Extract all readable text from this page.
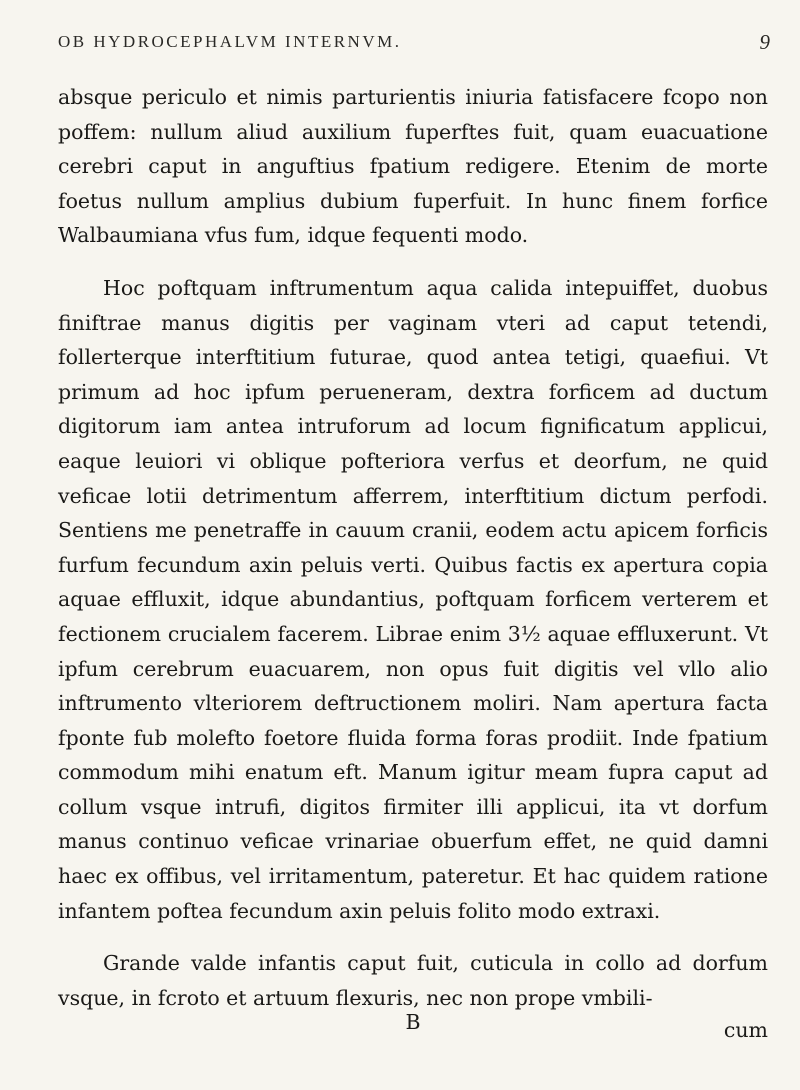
OB HYDROCEPHALVM INTERNVM.	9

absque periculo et nimis parturientis iniuria fatisfacere fcopo non poffem: nullum aliud auxilium fuperftes fuit, quam euacuatione cerebri caput in anguftius fpatium redigere. Etenim de morte foetus nullum amplius dubium fuperfuit. In hunc finem forfice Walbaumiana vfus fum, idque fequenti modo.

Hoc poftquam inftrumentum aqua calida intepuiffet, duobus finiftrae manus digitis per vaginam vteri ad caput tetendi, follerterque interftitium futurae, quod antea tetigi, quaefiui. Vt primum ad hoc ipfum perueneram, dextra forficem ad ductum digitorum iam antea intruforum ad locum fignificatum applicui, eaque leuiori vi oblique pofteriora verfus et deorfum, ne quid veficae lotii detrimentum afferrem, interftitium dictum perfodi. Sentiens me penetraffe in cauum cranii, eodem actu apicem forficis furfum fecundum axin peluis verti. Quibus factis ex apertura copia aquae effluxit, idque abundantius, poftquam forficem verterem et fectionem crucialem facerem. Librae enim 3½ aquae effluxerunt. Vt ipfum cerebrum euacuarem, non opus fuit digitis vel vllo alio inftrumento vlteriorem deftructionem moliri. Nam apertura facta fponte fub molefto foetore fluida forma foras prodiit. Inde fpatium commodum mihi enatum eft. Manum igitur meam fupra caput ad collum vsque intrufi, digitos firmiter illi applicui, ita vt dorfum manus continuo veficae vrinariae obuerfum effet, ne quid damni haec ex offibus, vel irritamentum, pateretur. Et hac quidem ratione infantem poftea fecundum axin peluis folito modo extraxi.

Grande valde infantis caput fuit, cuticula in collo ad dorfum vsque, in fcroto et artuum flexuris, nec non prope vmbili-

B	cum
